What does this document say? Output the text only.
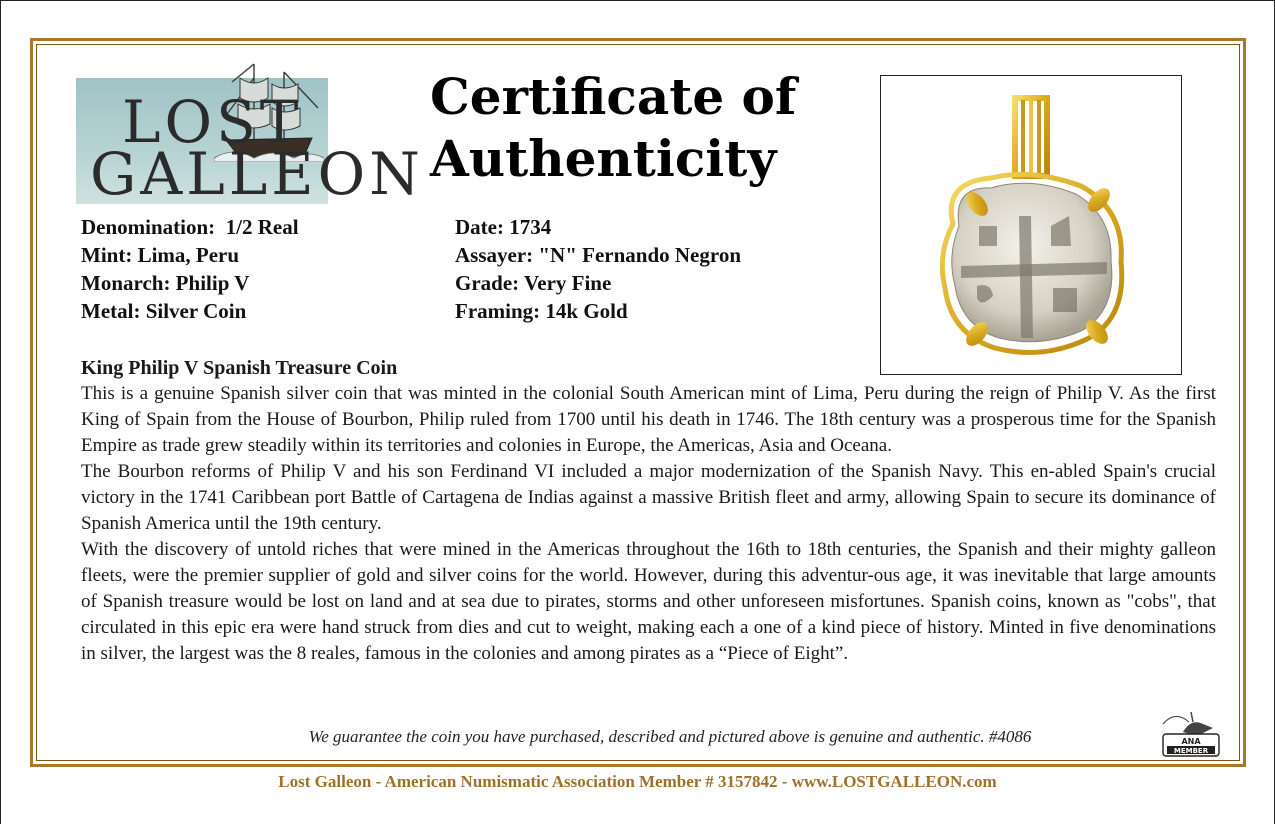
LOST
GALLEON
Certificate of
Authenticity
Denomination:  1/2 Real
Mint: Lima, Peru
Monarch: Philip V
Metal: Silver Coin
Date: 1734
Assayer: "N" Fernando Negron
Grade: Very Fine
Framing: 14k Gold
King Philip V Spanish Treasure Coin
This is a genuine Spanish silver coin that was minted in the colonial South American mint of Lima, Peru during the reign of Philip V. As the first King of Spain from the House of Bourbon, Philip ruled from 1700 until his death in 1746. The 18th century was a prosperous time for the Spanish Empire as trade grew steadily within its territories and colonies in Europe, the Americas, Asia and Oceana.
The Bourbon reforms of Philip V and his son Ferdinand VI included a major modernization of the Spanish Navy. This en-abled Spain's crucial victory in the 1741 Caribbean port Battle of Cartagena de Indias against a massive British fleet and army, allowing Spain to secure its dominance of Spanish America until the 19th century.
With the discovery of untold riches that were mined in the Americas throughout the 16th to 18th centuries, the Spanish and their mighty galleon fleets, were the premier supplier of gold and silver coins for the world. However, during this adventur-ous age, it was inevitable that large amounts of Spanish treasure would be lost on land and at sea due to pirates, storms and other unforeseen misfortunes. Spanish coins, known as "cobs", that circulated in this epic era were hand struck from dies and cut to weight, making each a one of a kind piece of history. Minted in five denominations in silver, the largest was the 8 reales, famous in the colonies and among pirates as a “Piece of Eight”.
We guarantee the coin you have purchased, described and pictured above is genuine and authentic. #4086	ANA
MEMBER
Lost Galleon - American Numismatic Association Member # 3157842 - www.LOSTGALLEON.com
